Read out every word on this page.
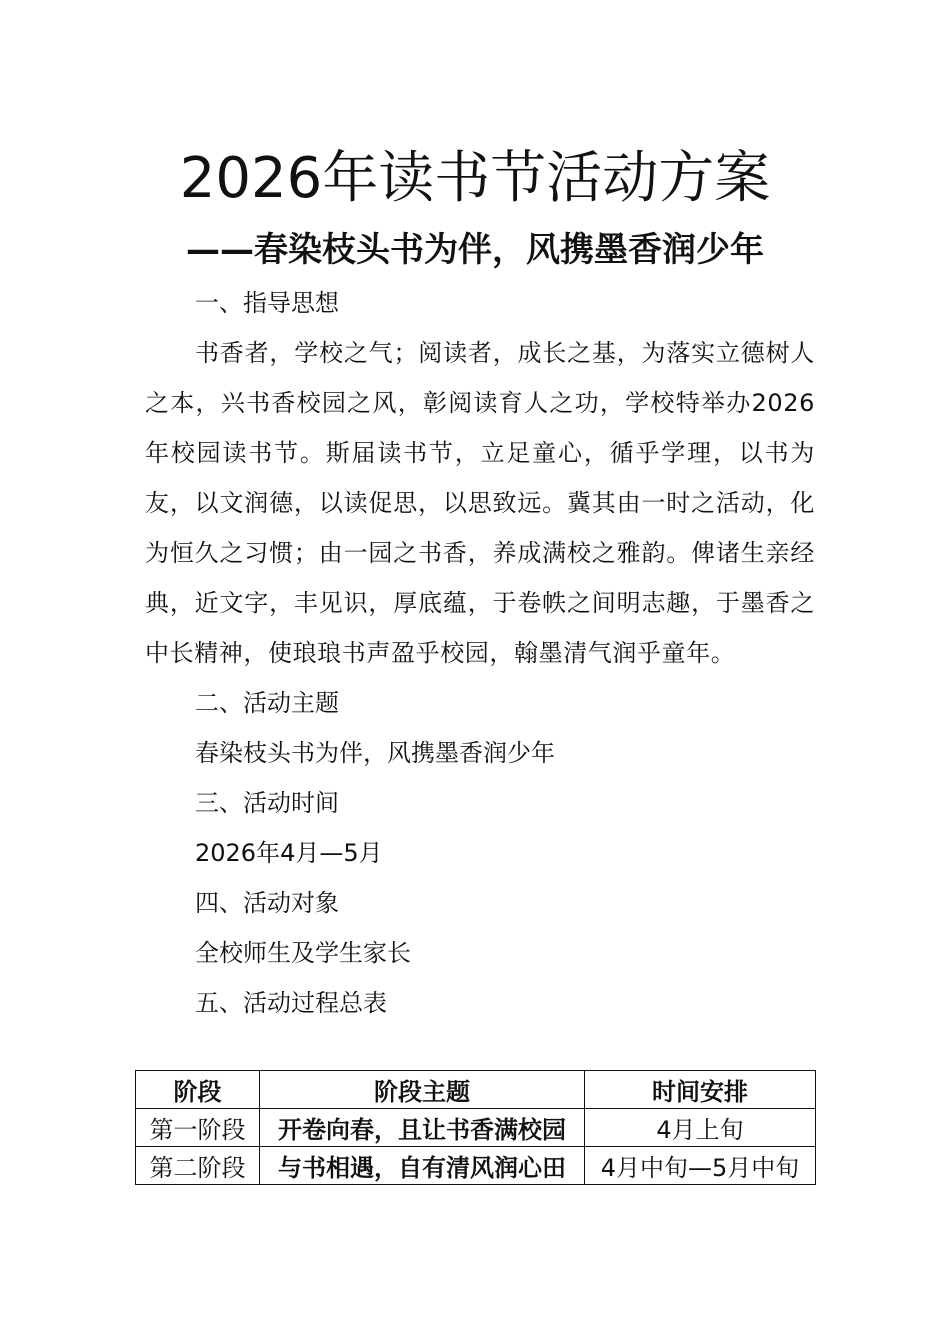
2026年读书节活动方案
——春染枝头书为伴，风携墨香润少年

一、指导思想

书香者，学校之气；阅读者，成长之基，为落实立德树人之本，兴书香校园之风，彰阅读育人之功，学校特举办2026年校园读书节。斯届读书节，立足童心，循乎学理，以书为友，以文润德，以读促思，以思致远。冀其由一时之活动，化为恒久之习惯；由一园之书香，养成满校之雅韵。俾诸生亲经典，近文字，丰见识，厚底蕴，于卷帙之间明志趣，于墨香之中长精神，使琅琅书声盈乎校园，翰墨清气润乎童年。

二、活动主题

春染枝头书为伴，风携墨香润少年

三、活动时间

2026年4月—5月

四、活动对象

全校师生及学生家长

五、活动过程总表

阶段	阶段主题	时间安排
第一阶段	开卷向春，且让书香满校园	4月上旬
第二阶段	与书相遇，自有清风润心田	4月中旬—5月中旬
